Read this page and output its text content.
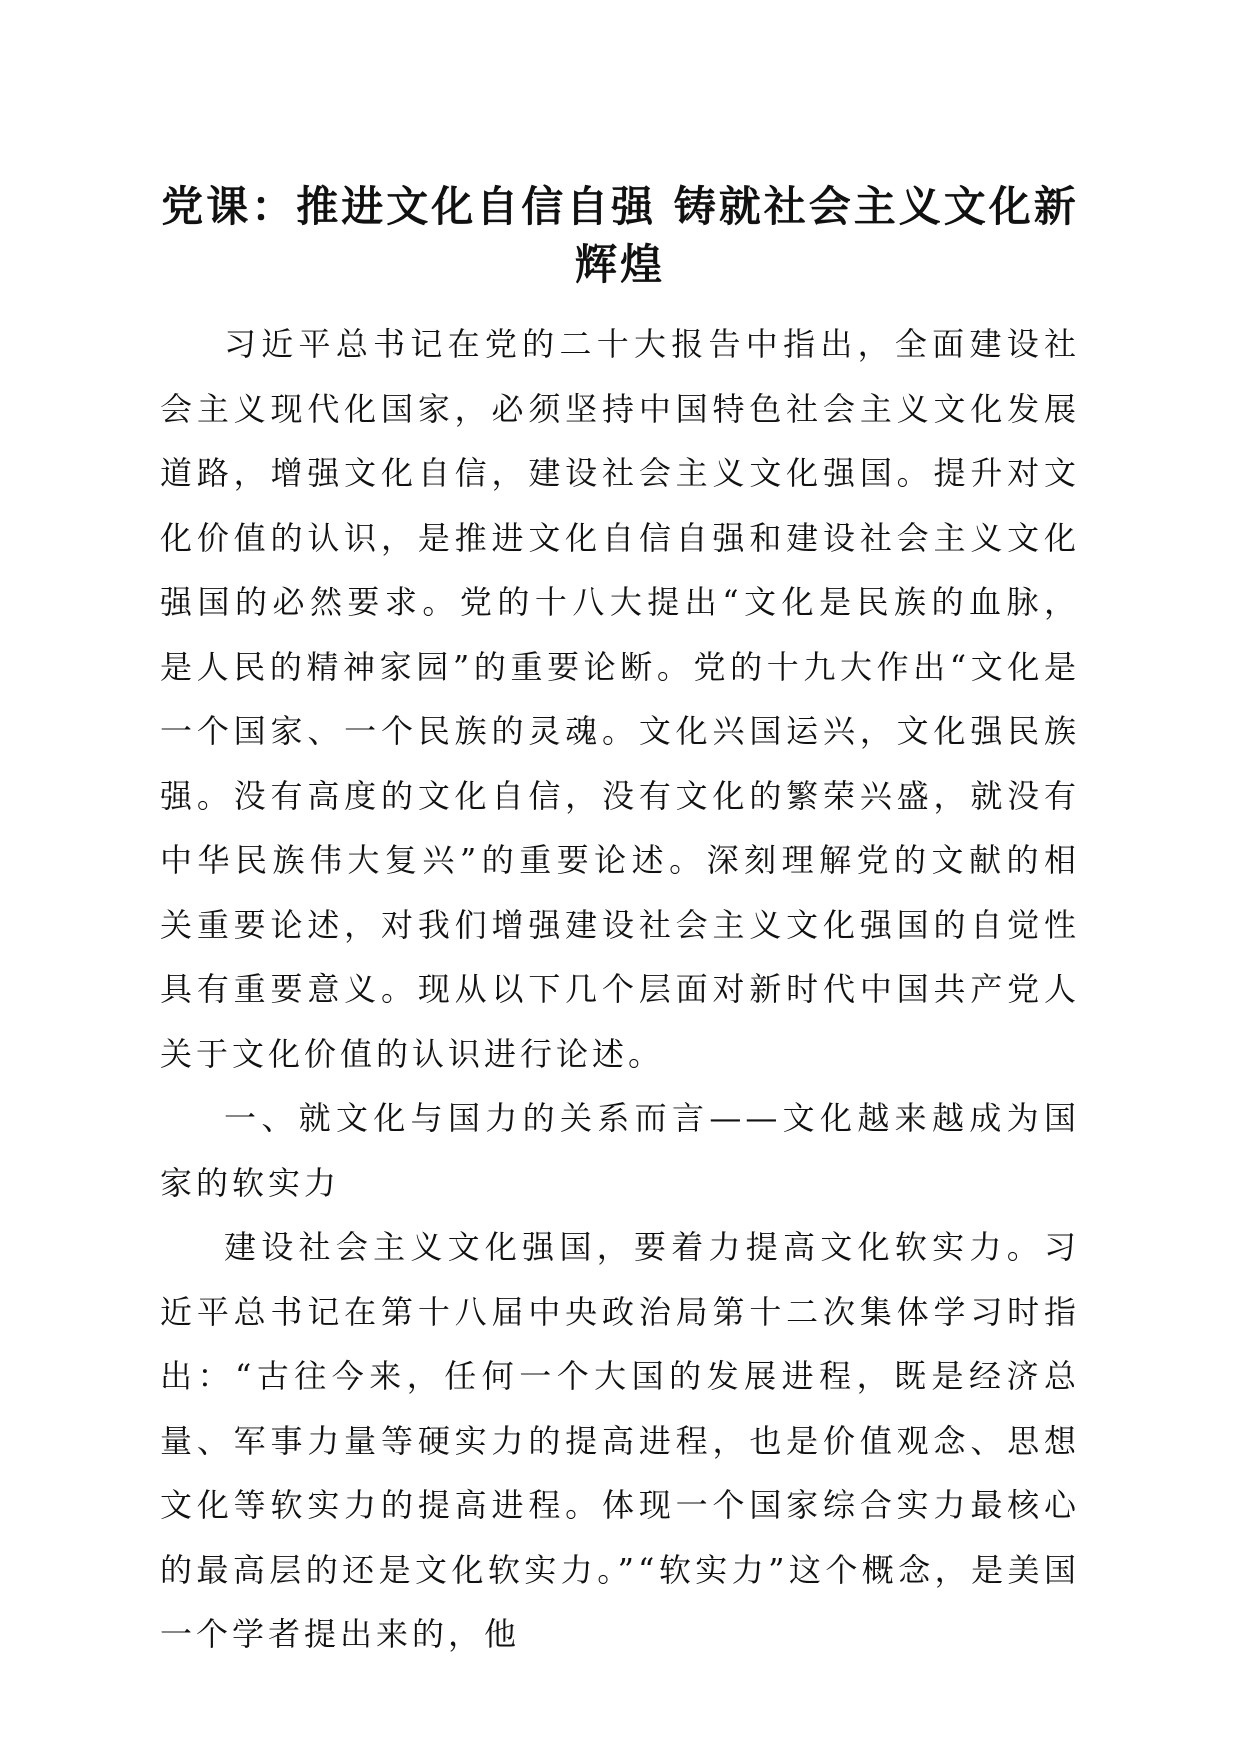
党课：推进文化自信自强 铸就社会主义文化新辉煌

习近平总书记在党的二十大报告中指出，全面建设社会主义现代化国家，必须坚持中国特色社会主义文化发展道路，增强文化自信，建设社会主义文化强国。提升对文化价值的认识，是推进文化自信自强和建设社会主义文化强国的必然要求。党的十八大提出“文化是民族的血脉，是人民的精神家园”的重要论断。党的十九大作出“文化是一个国家、一个民族的灵魂。文化兴国运兴，文化强民族强。没有高度的文化自信，没有文化的繁荣兴盛，就没有中华民族伟大复兴”的重要论述。深刻理解党的文献的相关重要论述，对我们增强建设社会主义文化强国的自觉性具有重要意义。现从以下几个层面对新时代中国共产党人关于文化价值的认识进行论述。

一、就文化与国力的关系而言——文化越来越成为国家的软实力

建设社会主义文化强国，要着力提高文化软实力。习近平总书记在第十八届中央政治局第十二次集体学习时指出：“古往今来，任何一个大国的发展进程，既是经济总量、军事力量等硬实力的提高进程，也是价值观念、思想文化等软实力的提高进程。体现一个国家综合实力最核心的最高层的还是文化软实力。”“软实力”这个概念，是美国一个学者提出来的，他
